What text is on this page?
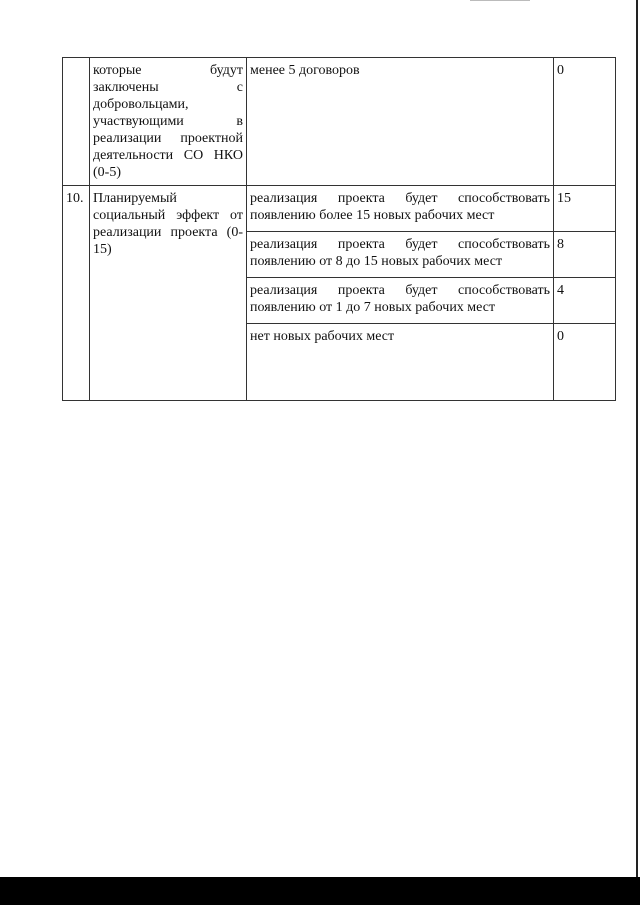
	которые будут заключены с добровольцами, участвующими в реализации проектной деятельности СО НКО (0-5)	менее 5 договоров	0
10.	Планируемый социальный эффект от реализации проекта (0-15)	реализация проекта будет способствовать появлению более 15 новых рабочих мест	15
		реализация проекта будет способствовать появлению от 8 до 15 новых рабочих мест	8
		реализация проекта будет способствовать появлению от 1 до 7 новых рабочих мест	4
		нет новых рабочих мест	0
